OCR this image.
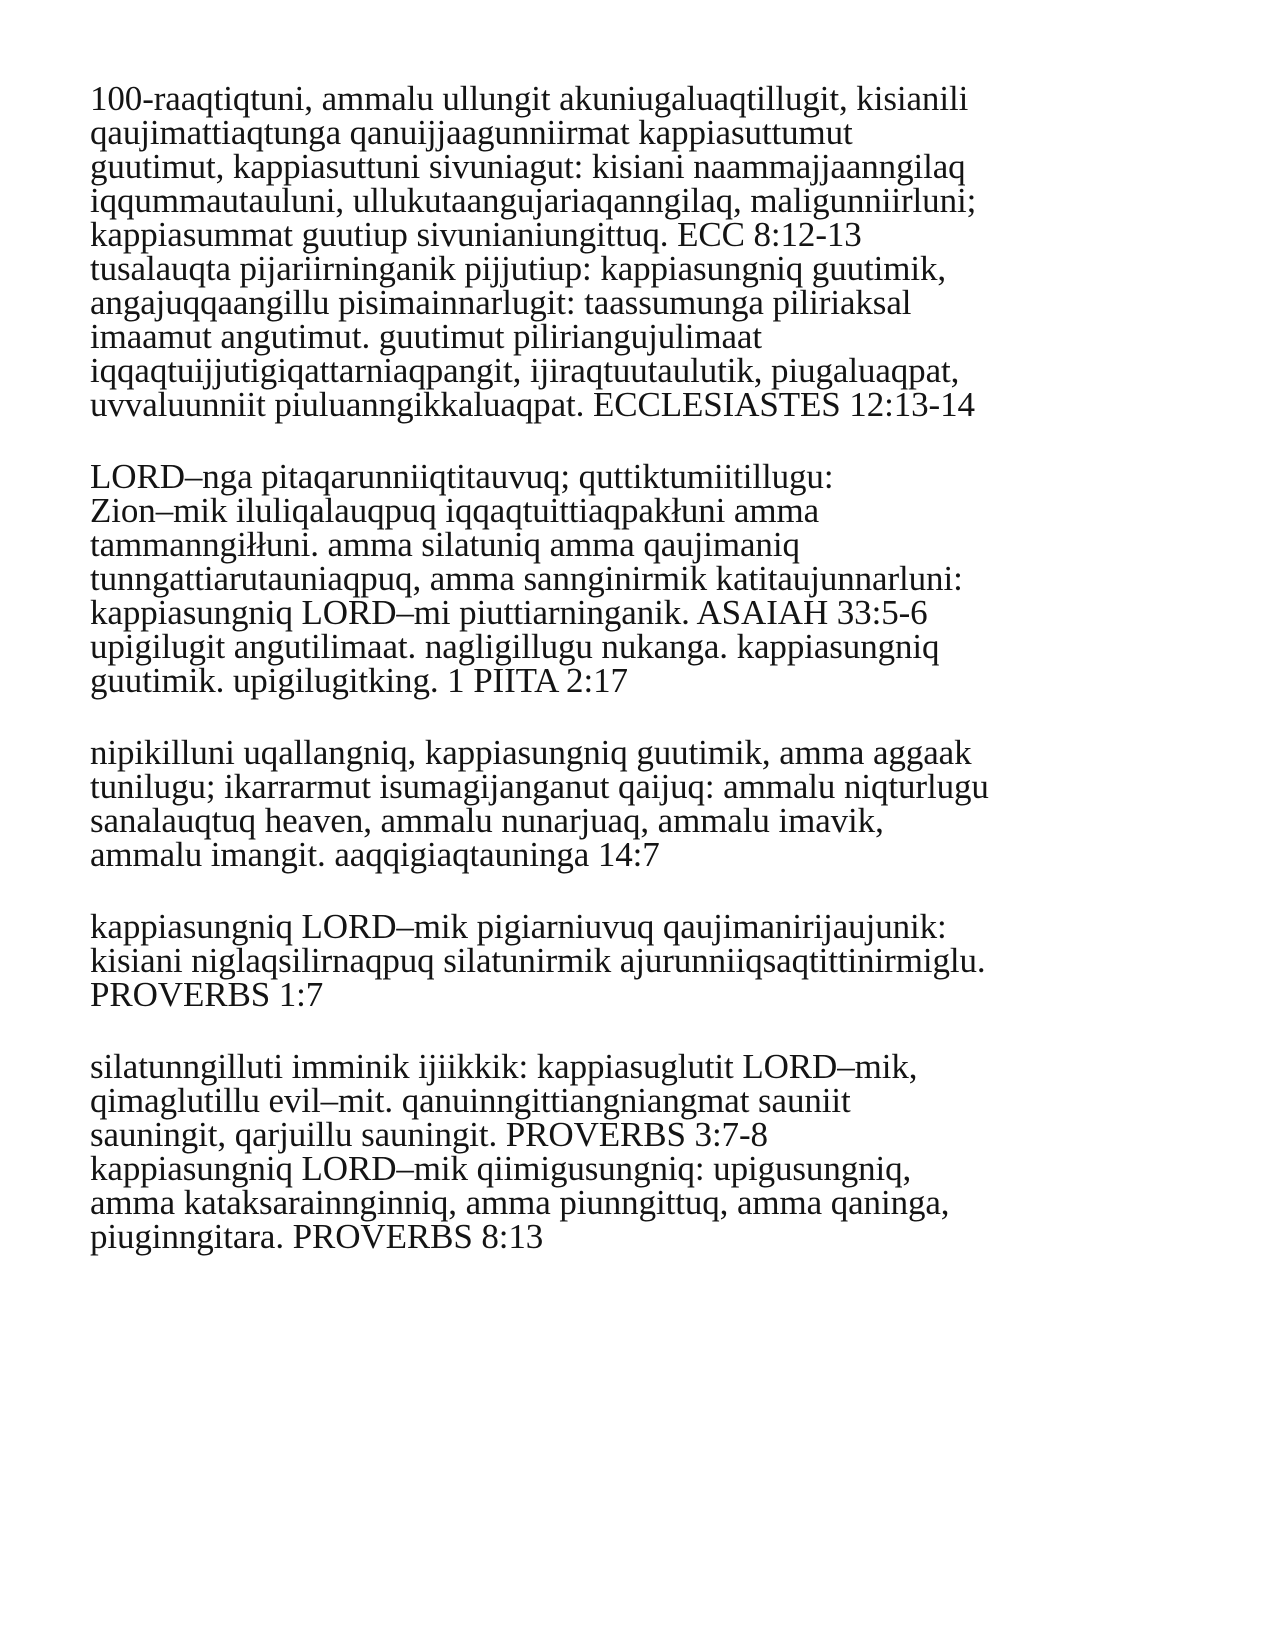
100-raaqtiqtuni, ammalu ullungit akuniugaluaqtillugit, kisianili
qaujimattiaqtunga qanuijjaagunniirmat kappiasuttumut
guutimut, kappiasuttuni sivuniagut: kisiani naammajjaanngilaq
iqqummautauluni, ullukutaangujariaqanngilaq, maligunniirluni;
kappiasummat guutiup sivunianiungittuq. ECC 8:12-13
tusalauqta pijariirninganik pijjutiup: kappiasungniq guutimik,
angajuqqaangillu pisimainnarlugit: taassumunga piliriaksal
imaamut angutimut. guutimut piliriangujulimaat
iqqaqtuijjutigiqattarniaqpangit, ijiraqtuutaulutik, piugaluaqpat,
uvvaluunniit piuluanngikkaluaqpat. ECCLESIASTES 12:13-14

LORD–nga pitaqarunniiqtitauvuq; quttiktumiitillugu:
Zion–mik iluliqalauqpuq iqqaqtuittiaqpakłuni amma
tammanngiłłuni. amma silatuniq amma qaujimaniq
tunngattiarutauniaqpuq, amma sannginirmik katitaujunnarluni:
kappiasungniq LORD–mi piuttiarninganik. ASAIAH 33:5-6
upigilugit angutilimaat. nagligillugu nukanga. kappiasungniq
guutimik. upigilugitking. 1 PIITA 2:17

nipikilluni uqallangniq, kappiasungniq guutimik, amma aggaak
tunilugu; ikarrarmut isumagijanganut qaijuq: ammalu niqturlugu
sanalauqtuq heaven, ammalu nunarjuaq, ammalu imavik,
ammalu imangit. aaqqigiaqtauninga 14:7

kappiasungniq LORD–mik pigiarniuvuq qaujimanirijaujunik:
kisiani niglaqsilirnaqpuq silatunirmik ajurunniiqsaqtittinirmiglu.
PROVERBS 1:7

silatunngilluti imminik ijiikkik: kappiasuglutit LORD–mik,
qimaglutillu evil–mit. qanuinngittiangniangmat sauniit
sauningit, qarjuillu sauningit. PROVERBS 3:7-8
kappiasungniq LORD–mik qiimigusungniq: upigusungniq,
amma kataksarainnginniq, amma piunngittuq, amma qaninga,
piuginngitara. PROVERBS 8:13
